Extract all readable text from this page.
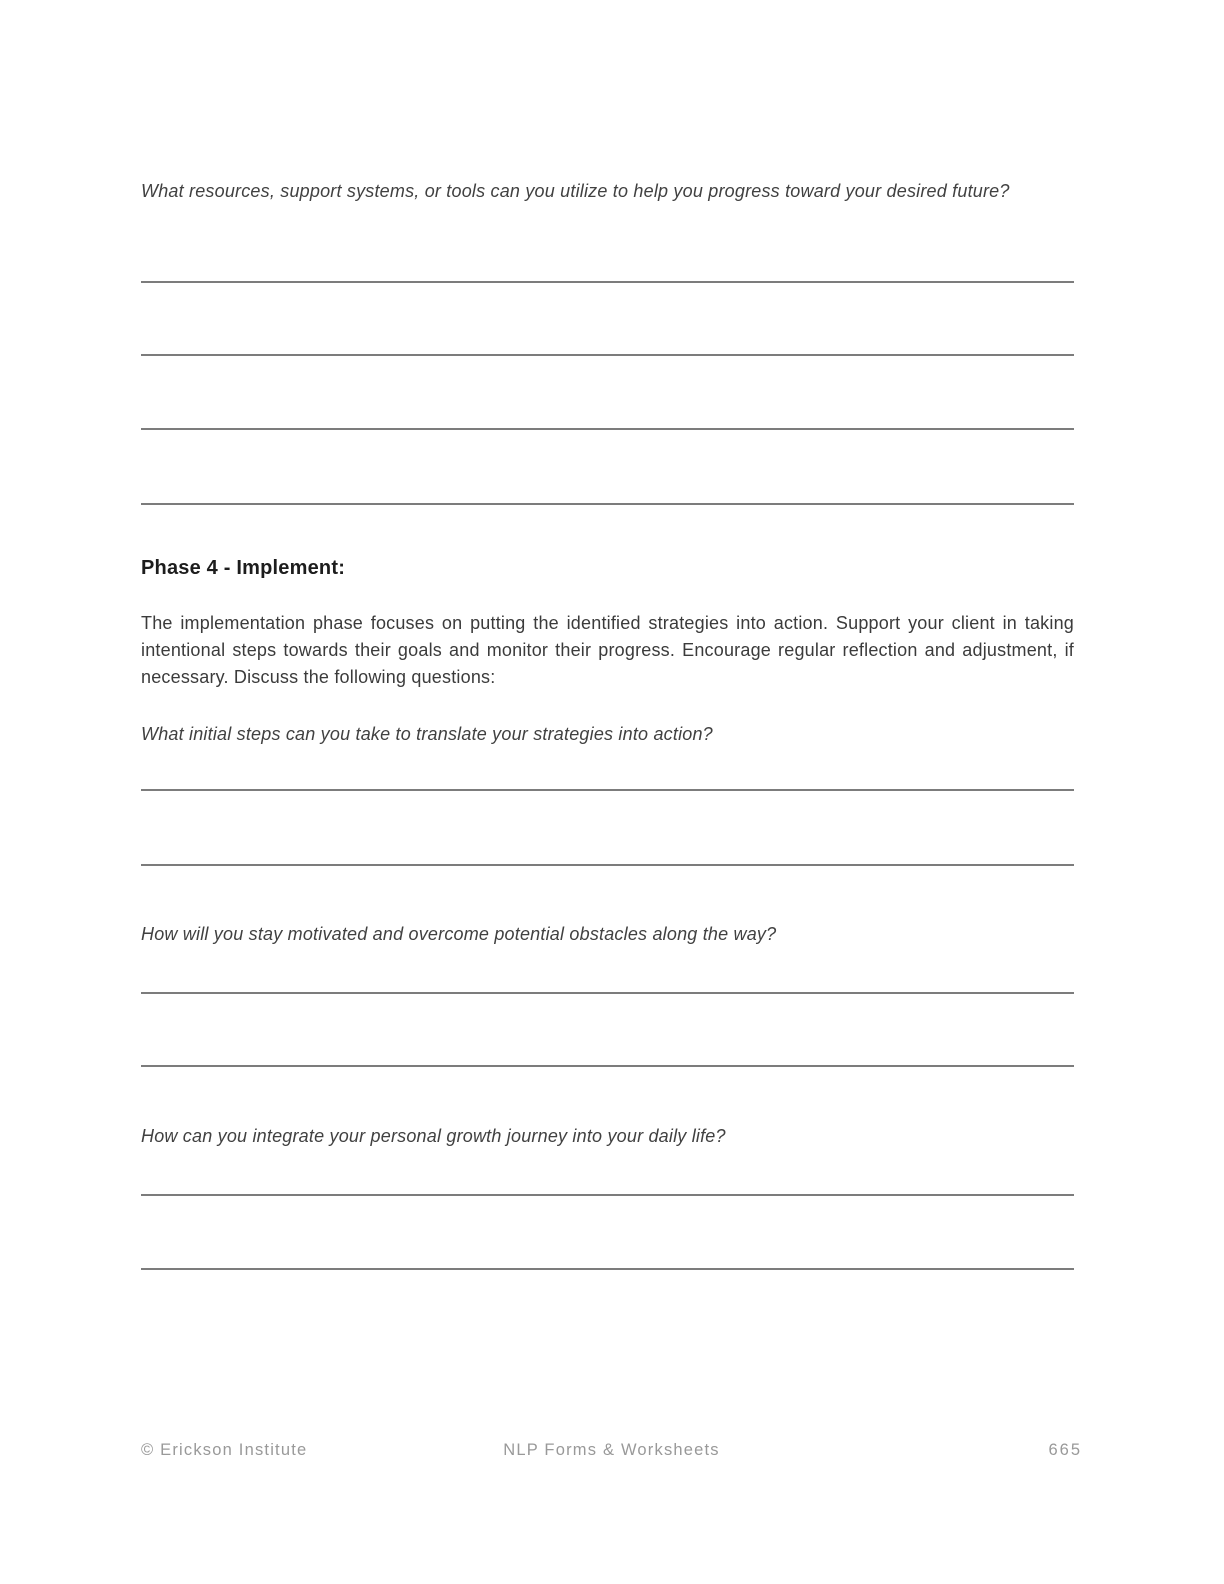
What resources, support systems, or tools can you utilize to help you progress toward your desired future?

Phase 4 - Implement:

The implementation phase focuses on putting the identified strategies into action. Support your client in taking intentional steps towards their goals and monitor their progress. Encourage regular reflection and adjustment, if necessary. Discuss the following questions:

What initial steps can you take to translate your strategies into action?

How will you stay motivated and overcome potential obstacles along the way?

How can you integrate your personal growth journey into your daily life?

© Erickson Institute	NLP Forms & Worksheets	665
